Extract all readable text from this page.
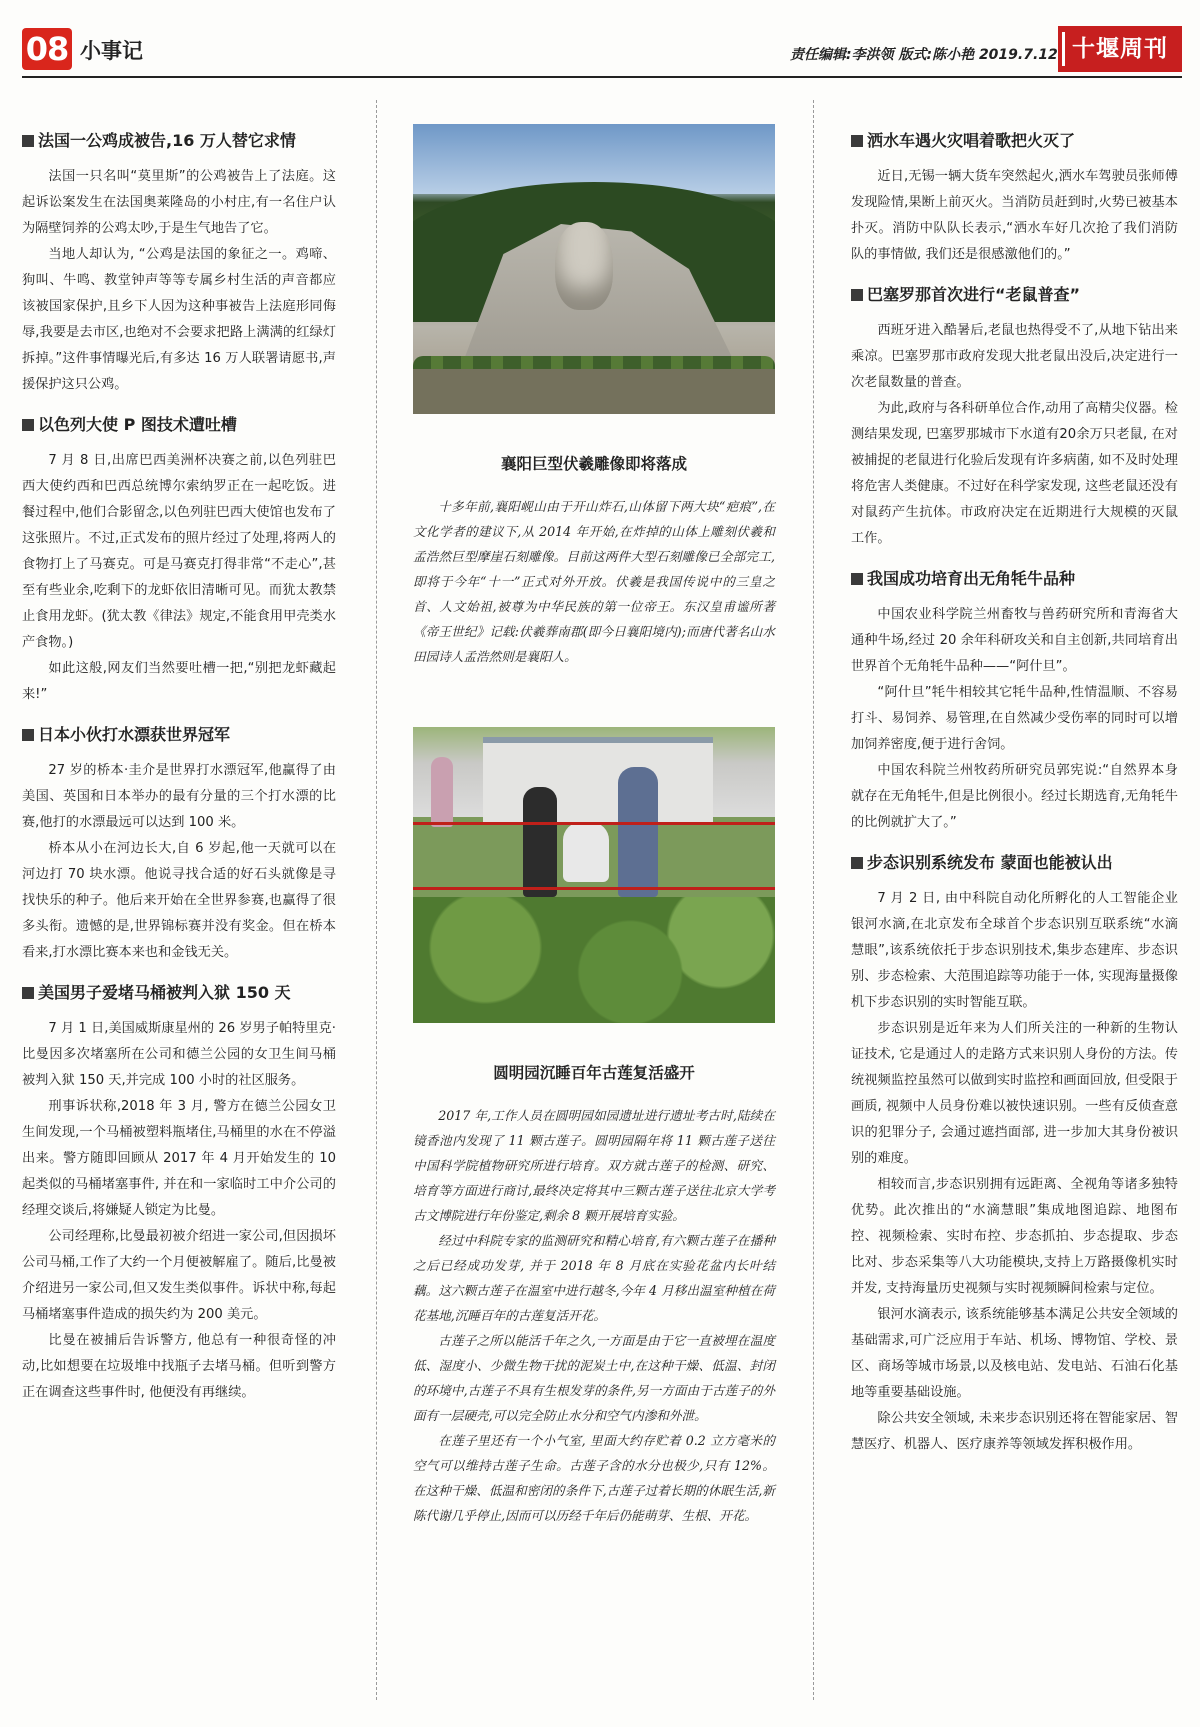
08 小事记	责任编辑:李洪领 版式:陈小艳 2019.7.12 十堰周刊
法国一公鸡成被告,16 万人替它求情

法国一只名叫“莫里斯”的公鸡被告上了法庭。这起诉讼案发生在法国奥莱隆岛的小村庄,有一名住户认为隔壁饲养的公鸡太吵,于是生气地告了它。

当地人却认为, “公鸡是法国的象征之一。鸡啼、狗叫、牛鸣、教堂钟声等等专属乡村生活的声音都应该被国家保护,且乡下人因为这种事被告上法庭形同侮辱,我要是去市区,也绝对不会要求把路上满满的红绿灯拆掉。”这件事情曝光后,有多达 16 万人联署请愿书,声援保护这只公鸡。

以色列大使 P 图技术遭吐槽

7 月 8 日,出席巴西美洲杯决赛之前,以色列驻巴西大使约西和巴西总统博尔索纳罗正在一起吃饭。进餐过程中,他们合影留念,以色列驻巴西大使馆也发布了这张照片。不过,正式发布的照片经过了处理,将两人的食物打上了马赛克。可是马赛克打得非常“不走心”,甚至有些业余,吃剩下的龙虾依旧清晰可见。而犹太教禁止食用龙虾。(犹太教《律法》规定,不能食用甲壳类水产食物。)

如此这般,网友们当然要吐槽一把,“别把龙虾藏起来!”

日本小伙打水漂获世界冠军

27 岁的桥本·圭介是世界打水漂冠军,他赢得了由美国、英国和日本举办的最有分量的三个打水漂的比赛,他打的水漂最远可以达到 100 米。

桥本从小在河边长大,自 6 岁起,他一天就可以在河边打 70 块水漂。他说寻找合适的好石头就像是寻找快乐的种子。他后来开始在全世界参赛,也赢得了很多头衔。遗憾的是,世界锦标赛并没有奖金。但在桥本看来,打水漂比赛本来也和金钱无关。

美国男子爱堵马桶被判入狱 150 天

7 月 1 日,美国威斯康星州的 26 岁男子帕特里克·比曼因多次堵塞所在公司和德兰公园的女卫生间马桶被判入狱 150 天,并完成 100 小时的社区服务。

刑事诉状称,2018 年 3 月, 警方在德兰公园女卫生间发现,一个马桶被塑料瓶堵住,马桶里的水在不停溢出来。警方随即回顾从 2017 年 4 月开始发生的 10 起类似的马桶堵塞事件, 并在和一家临时工中介公司的经理交谈后,将嫌疑人锁定为比曼。

公司经理称,比曼最初被介绍进一家公司,但因损坏公司马桶,工作了大约一个月便被解雇了。随后,比曼被介绍进另一家公司,但又发生类似事件。诉状中称,每起马桶堵塞事件造成的损失约为 200 美元。

比曼在被捕后告诉警方, 他总有一种很奇怪的冲动,比如想要在垃圾堆中找瓶子去堵马桶。但听到警方正在调查这些事件时, 他便没有再继续。

襄阳巨型伏羲雕像即将落成

十多年前,襄阳岘山由于开山炸石,山体留下两大块“疤痕”,在文化学者的建议下,从 2014 年开始,在炸掉的山体上雕刻伏羲和孟浩然巨型摩崖石刻雕像。目前这两件大型石刻雕像已全部完工,即将于今年“十一”正式对外开放。伏羲是我国传说中的三皇之首、人文始祖,被尊为中华民族的第一位帝王。东汉皇甫谧所著《帝王世纪》记载:伏羲葬南郡(即今日襄阳境内);而唐代著名山水田园诗人孟浩然则是襄阳人。

圆明园沉睡百年古莲复活盛开

2017 年,工作人员在圆明园如园遗址进行遗址考古时,陆续在镜香池内发现了 11 颗古莲子。圆明园隔年将 11 颗古莲子送往中国科学院植物研究所进行培育。双方就古莲子的检测、研究、培育等方面进行商讨,最终决定将其中三颗古莲子送往北京大学考古文博院进行年份鉴定,剩余 8 颗开展培育实验。

经过中科院专家的监测研究和精心培育,有六颗古莲子在播种之后已经成功发芽, 并于 2018 年 8 月底在实验花盆内长叶结藕。这六颗古莲子在温室中进行越冬,今年 4 月移出温室种植在荷花基地,沉睡百年的古莲复活开花。

古莲子之所以能活千年之久,一方面是由于它一直被埋在温度低、湿度小、少微生物干扰的泥炭土中,在这种干燥、低温、封闭的环境中,古莲子不具有生根发芽的条件,另一方面由于古莲子的外面有一层硬壳,可以完全防止水分和空气内渗和外泄。

在莲子里还有一个小气室, 里面大约存贮着 0.2 立方毫米的空气可以维持古莲子生命。古莲子含的水分也极少,只有 12%。在这种干燥、低温和密闭的条件下,古莲子过着长期的休眠生活,新陈代谢几乎停止,因而可以历经千年后仍能萌芽、生根、开花。

洒水车遇火灾唱着歌把火灭了

近日,无锡一辆大货车突然起火,洒水车驾驶员张师傅发现险情,果断上前灭火。当消防员赶到时,火势已被基本扑灭。消防中队队长表示,“洒水车好几次抢了我们消防队的事情做, 我们还是很感激他们的。”

巴塞罗那首次进行“老鼠普查”

西班牙进入酷暑后,老鼠也热得受不了,从地下钻出来乘凉。巴塞罗那市政府发现大批老鼠出没后,决定进行一次老鼠数量的普查。

为此,政府与各科研单位合作,动用了高精尖仪器。检测结果发现, 巴塞罗那城市下水道有20余万只老鼠, 在对被捕捉的老鼠进行化验后发现有许多病菌, 如不及时处理将危害人类健康。不过好在科学家发现, 这些老鼠还没有对鼠药产生抗体。市政府决定在近期进行大规模的灭鼠工作。

我国成功培育出无角牦牛品种

中国农业科学院兰州畜牧与兽药研究所和青海省大通种牛场,经过 20 余年科研攻关和自主创新,共同培育出世界首个无角牦牛品种——“阿什旦”。

“阿什旦”牦牛相较其它牦牛品种,性情温顺、不容易打斗、易饲养、易管理,在自然减少受伤率的同时可以增加饲养密度,便于进行舍饲。

中国农科院兰州牧药所研究员郭宪说:“自然界本身就存在无角牦牛,但是比例很小。经过长期选育,无角牦牛的比例就扩大了。”

步态识别系统发布 蒙面也能被认出

7 月 2 日, 由中科院自动化所孵化的人工智能企业银河水滴,在北京发布全球首个步态识别互联系统“水滴慧眼”,该系统依托于步态识别技术,集步态建库、步态识别、步态检索、大范围追踪等功能于一体, 实现海量摄像机下步态识别的实时智能互联。

步态识别是近年来为人们所关注的一种新的生物认证技术, 它是通过人的走路方式来识别人身份的方法。传统视频监控虽然可以做到实时监控和画面回放, 但受限于画质, 视频中人员身份难以被快速识别。一些有反侦查意识的犯罪分子, 会通过遮挡面部, 进一步加大其身份被识别的难度。

相较而言,步态识别拥有远距离、全视角等诸多独特优势。此次推出的“水滴慧眼”集成地图追踪、地图布控、视频检索、实时布控、步态抓拍、步态提取、步态比对、步态采集等八大功能模块,支持上万路摄像机实时并发, 支持海量历史视频与实时视频瞬间检索与定位。

银河水滴表示, 该系统能够基本满足公共安全领域的基础需求,可广泛应用于车站、机场、博物馆、学校、景区、商场等城市场景,以及核电站、发电站、石油石化基地等重要基础设施。

除公共安全领域, 未来步态识别还将在智能家居、智慧医疗、机器人、医疗康养等领域发挥积极作用。
